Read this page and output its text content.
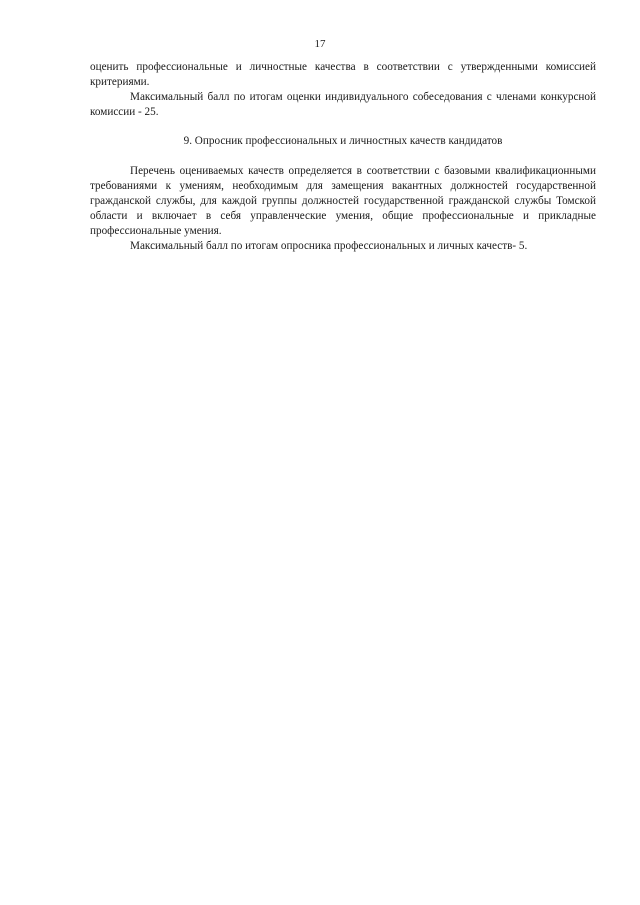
17

оценить профессиональные и личностные качества в соответствии с утвержденными комиссией критериями.

Максимальный балл по итогам оценки индивидуального собеседования с членами конкурсной комиссии - 25.

9. Опросник профессиональных и личностных качеств кандидатов

Перечень оцениваемых качеств определяется в соответствии с базовыми квалификационными требованиями к умениям, необходимым для замещения вакантных должностей государственной гражданской службы, для каждой группы должностей государственной гражданской службы Томской области и включает в себя управленческие умения, общие профессиональные и прикладные профессиональные умения.

Максимальный балл по итогам опросника профессиональных и личных качеств- 5.
